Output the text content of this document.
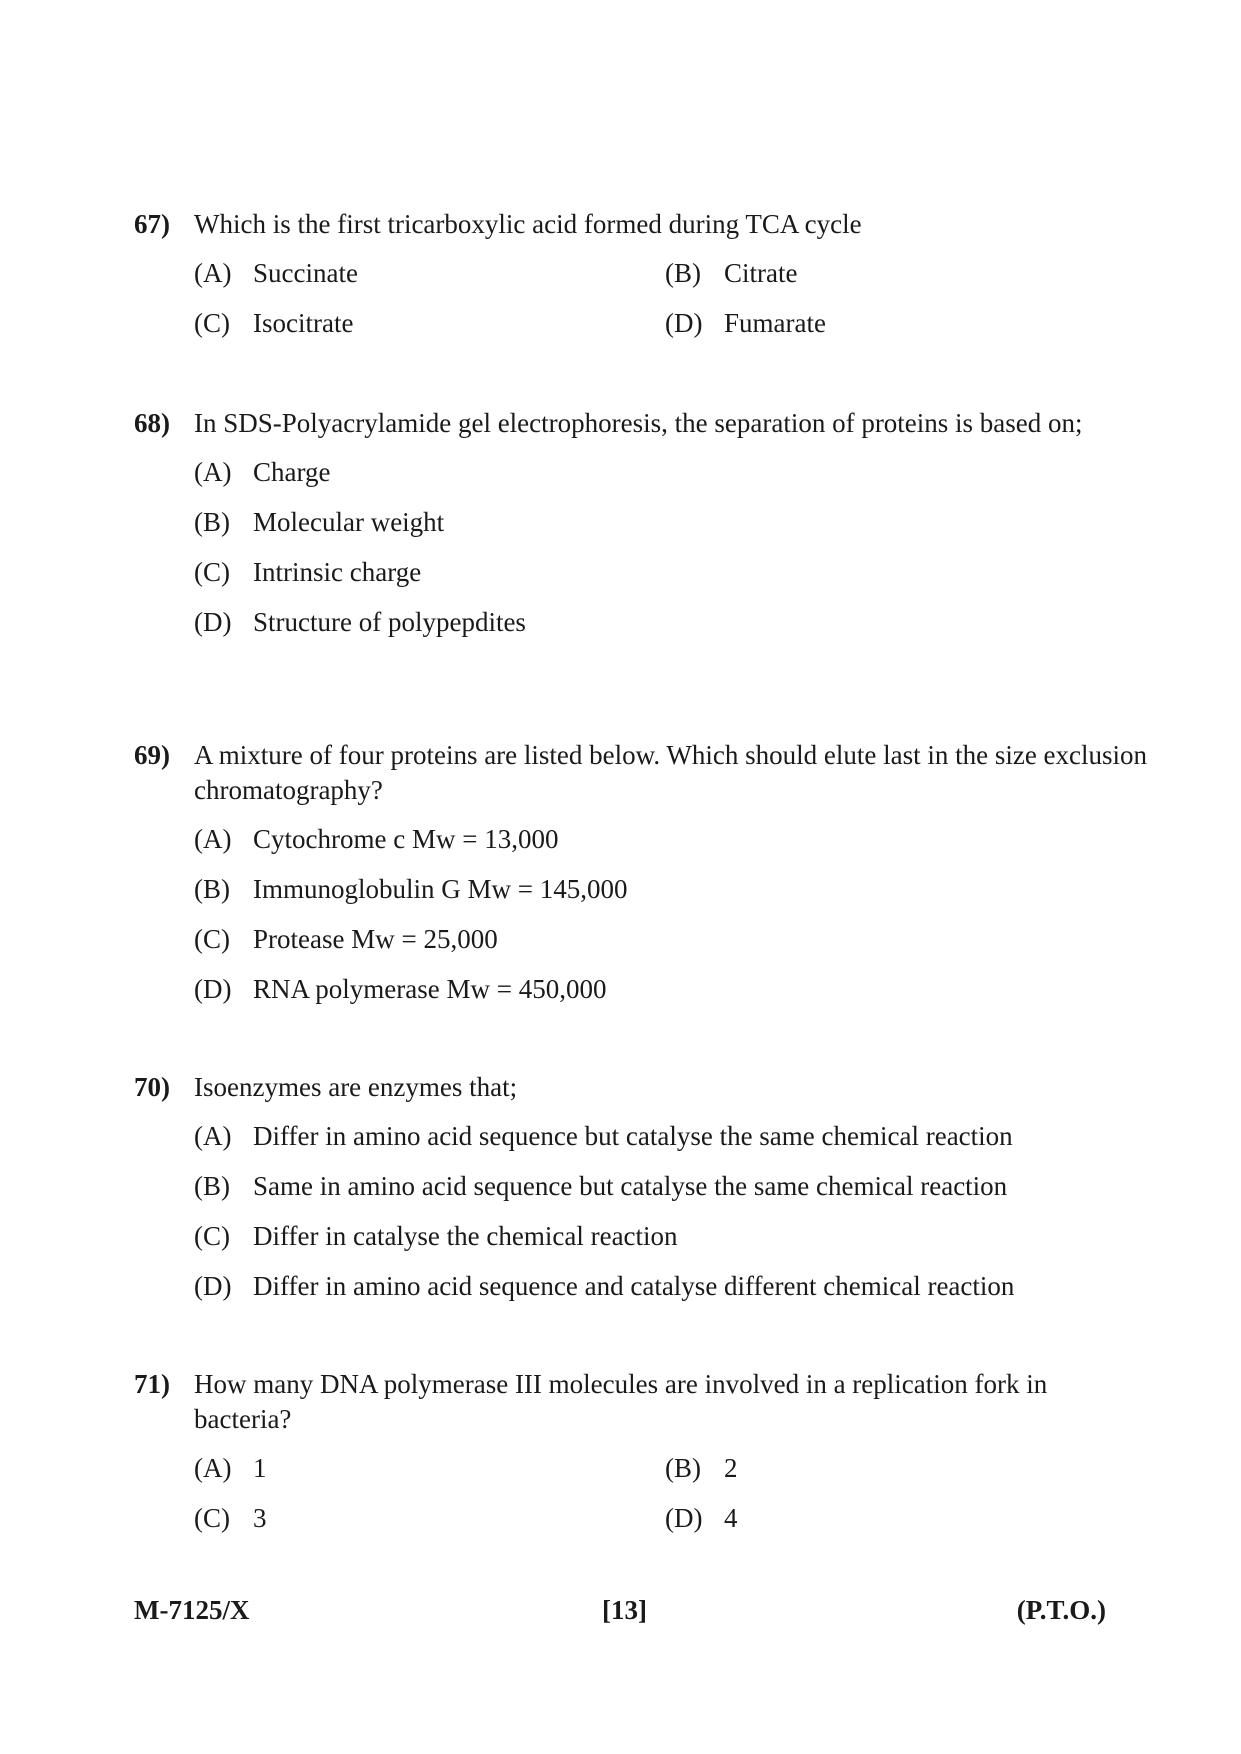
67) Which is the first tricarboxylic acid formed during TCA cycle
(A) Succinate	(B) Citrate
(C) Isocitrate	(D) Fumarate
68) In SDS-Polyacrylamide gel electrophoresis, the separation of proteins is based on;
(A) Charge
(B) Molecular weight
(C) Intrinsic charge
(D) Structure of polypepdites
69) A mixture of four proteins are listed below. Which should elute last in the size exclusion chromatography?
(A) Cytochrome c Mw = 13,000
(B) Immunoglobulin G Mw = 145,000
(C) Protease Mw = 25,000
(D) RNA polymerase Mw = 450,000
70) Isoenzymes are enzymes that;
(A) Differ in amino acid sequence but catalyse the same chemical reaction
(B) Same in amino acid sequence but catalyse the same chemical reaction
(C) Differ in catalyse the chemical reaction
(D) Differ in amino acid sequence and catalyse different chemical reaction
71) How many DNA polymerase III molecules are involved in a replication fork in bacteria?
(A) 1	(B) 2
(C) 3	(D) 4
M-7125/X	[13]	(P.T.O.)
